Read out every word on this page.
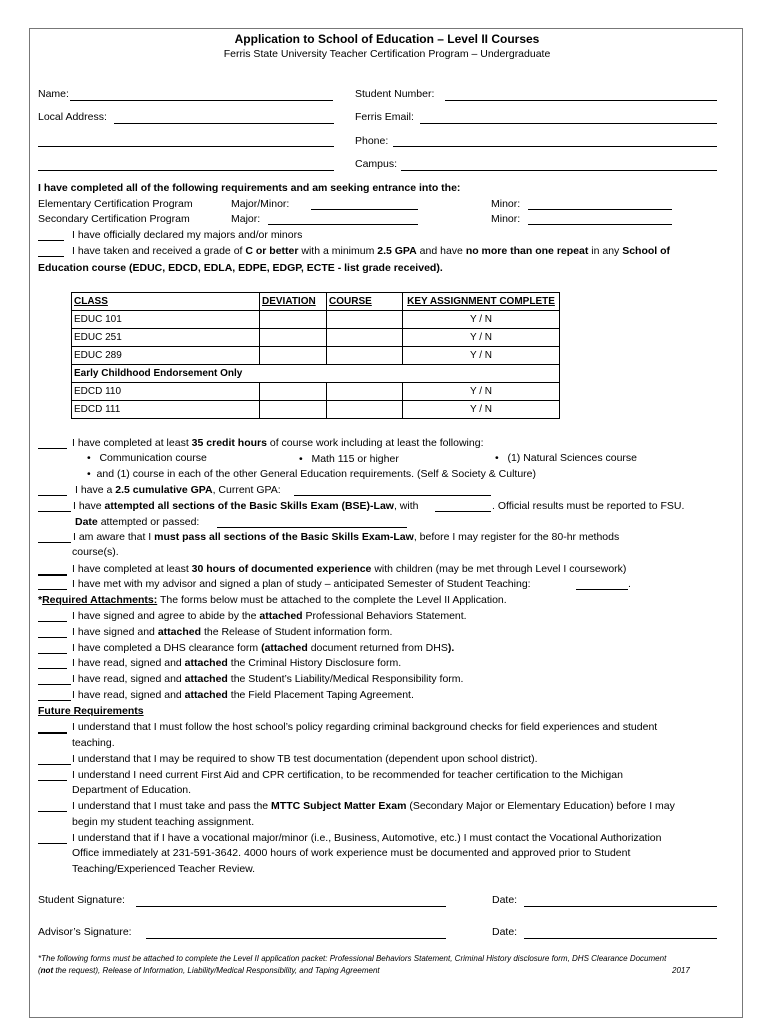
Application to School of Education – Level II Courses
Ferris State University Teacher Certification Program – Undergraduate
Name:	Student Number:
Local Address:	Ferris Email:
Phone:
Campus:
I have completed all of the following requirements and am seeking entrance into the:
Elementary Certification Program	Major/Minor:	Minor:
Secondary Certification Program	Major:	Minor:
I have officially declared my majors and/or minors
I have taken and received a grade of C or better with a minimum 2.5 GPA and have no more than one repeat in any School of
Education course (EDUC, EDCD, EDLA, EDPE, EDGP, ECTE - list grade received).
CLASS	DEVIATION	COURSE	KEY ASSIGNMENT COMPLETE
EDUC 101			Y / N
EDUC 251			Y / N
EDUC 289			Y / N
Early Childhood Endorsement Only			
EDCD 110			Y / N
EDCD 111			Y / N
I have completed at least 35 credit hours of course work including at least the following:
• Communication course	• Math 115 or higher	• (1) Natural Sciences course
• and (1) course in each of the other General Education requirements. (Self & Society & Culture)
I have a 2.5 cumulative GPA, Current GPA:
I have attempted all sections of the Basic Skills Exam (BSE)-Law, with	. Official results must be reported to FSU.
Date attempted or passed:
I am aware that I must pass all sections of the Basic Skills Exam-Law, before I may register for the 80-hr methods
course(s).
I have completed at least 30 hours of documented experience with children (may be met through Level I coursework)
I have met with my advisor and signed a plan of study – anticipated Semester of Student Teaching:	.
*Required Attachments: The forms below must be attached to the complete the Level II Application.
I have signed and agree to abide by the attached Professional Behaviors Statement.
I have signed and attached the Release of Student information form.
I have completed a DHS clearance form (attached document returned from DHS).
I have read, signed and attached the Criminal History Disclosure form.
I have read, signed and attached the Student’s Liability/Medical Responsibility form.
I have read, signed and attached the Field Placement Taping Agreement.
Future Requirements
I understand that I must follow the host school’s policy regarding criminal background checks for field experiences and student
teaching.
I understand that I may be required to show TB test documentation (dependent upon school district).
I understand I need current First Aid and CPR certification, to be recommended for teacher certification to the Michigan
Department of Education.
I understand that I must take and pass the MTTC Subject Matter Exam (Secondary Major or Elementary Education) before I may
begin my student teaching assignment.
I understand that if I have a vocational major/minor (i.e., Business, Automotive, etc.) I must contact the Vocational Authorization
Office immediately at 231-591-3642. 4000 hours of work experience must be documented and approved prior to Student
Teaching/Experienced Teacher Review.
Student Signature:	Date:
Advisor’s Signature:	Date:
*The following forms must be attached to complete the Level II application packet: Professional Behaviors Statement, Criminal History disclosure form, DHS Clearance Document
(not the request), Release of Information, Liability/Medical Responsibility, and Taping Agreement	2017
